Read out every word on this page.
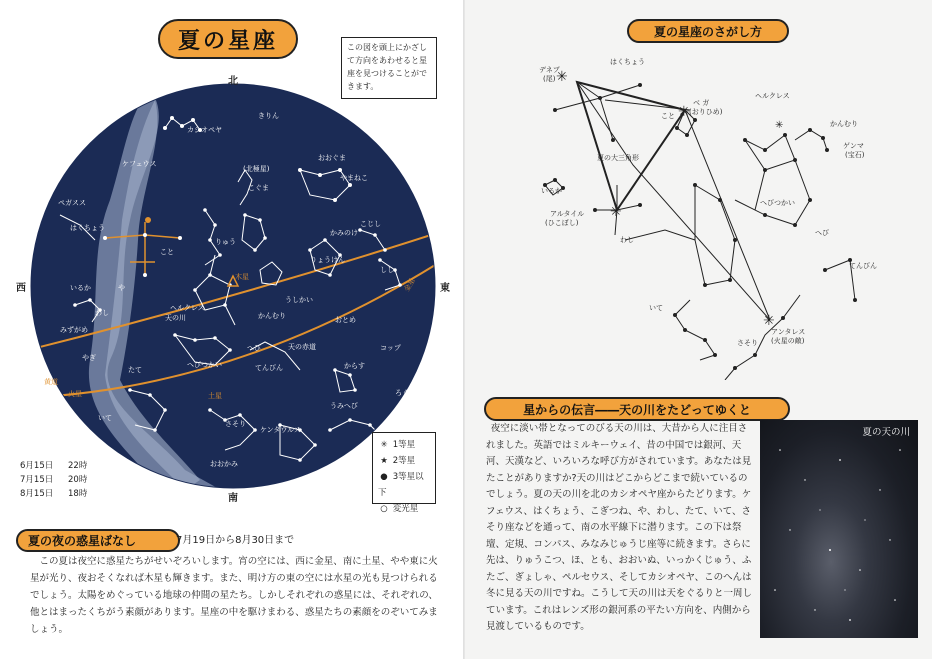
夏の星座	この図を頭上にかざして方向をあわせると星座を見つけることができます。
カシオペヤ
きりん
ケフェウス
(北極星)
おおぐま
やまねこ
こぐま
ペガスス
はくちょう
こと
りゅう
こじし
しし
かみのけ
りょうけん
いるか	や
わし
ヘルクレス
かんむり
うしかい
木星
へびつかい
へび	天の赤道
おとめ
てんびん
コップ
からす
さそり
うみへび
ケンタウルス
おおかみ
いて
やぎ
みずがめ
たて
火星	土星
金星
黄道
天の川
ろくぶんぎ
北
南
東
西
6月15日 22時
7月15日 20時
8月15日 18時
✳ 1等星
★ 2等星
● 3等星以下
○ 変光星
夏の夜の惑星ばなし	7月19日から8月30日まで
この夏は夜空に惑星たちがせいぞろいします。宵の空には、西に金星、南に土星、やや東に火星が光り、夜おそくなれば木星も輝きます。また、明け方の東の空には水星の光も見つけられるでしょう。太陽をめぐっている地球の仲間の星たち。しかしそれぞれの惑星には、それぞれの、他とはまったくちがう素顔があります。星座の中を駆けまわる、惑星たちの素顔をのぞいてみましょう。
夏の星座のさがし方
✳
✳
✳
✳
✳
はくちょう
デネブ
(尾)
ベ ガ
(おりひめ)
ヘルクレス
かんむり
ゲンマ
(宝石)
こと
夏の大三角形
いるか
アルタイル
(ひこぼし)
わし
へびつかい
へび
てんびん
いて
さそり
アンタレス
(火星の敵)
星からの伝言――天の川をたどってゆくと
夜空に淡い帯となってのびる天の川は、大昔から人に注目されました。英語ではミルキーウェイ、昔の中国では銀河、天河、天漢など、いろいろな呼び方がされています。あなたは見たことがありますか?天の川はどこからどこまで続いているのでしょう。夏の天の川を北のカシオペヤ座からたどります。ケフェウス、はくちょう、こぎつね、や、わし、たて、いて、さそり座などを通って、南の水平線下に潜ります。この下は祭壇、定規、コンパス、みなみじゅうじ座等に続きます。さらに先は、りゅうこつ、ほ、とも、おおいぬ、いっかくじゅう、ふたご、ぎょしゃ、ペルセウス、そしてカシオペヤ、このへんは冬に見る天の川ですね。こうして天の川は天をぐるりと一周しています。これはレンズ形の銀河系の平たい方向を、内側から見渡しているものです。
夏の天の川
